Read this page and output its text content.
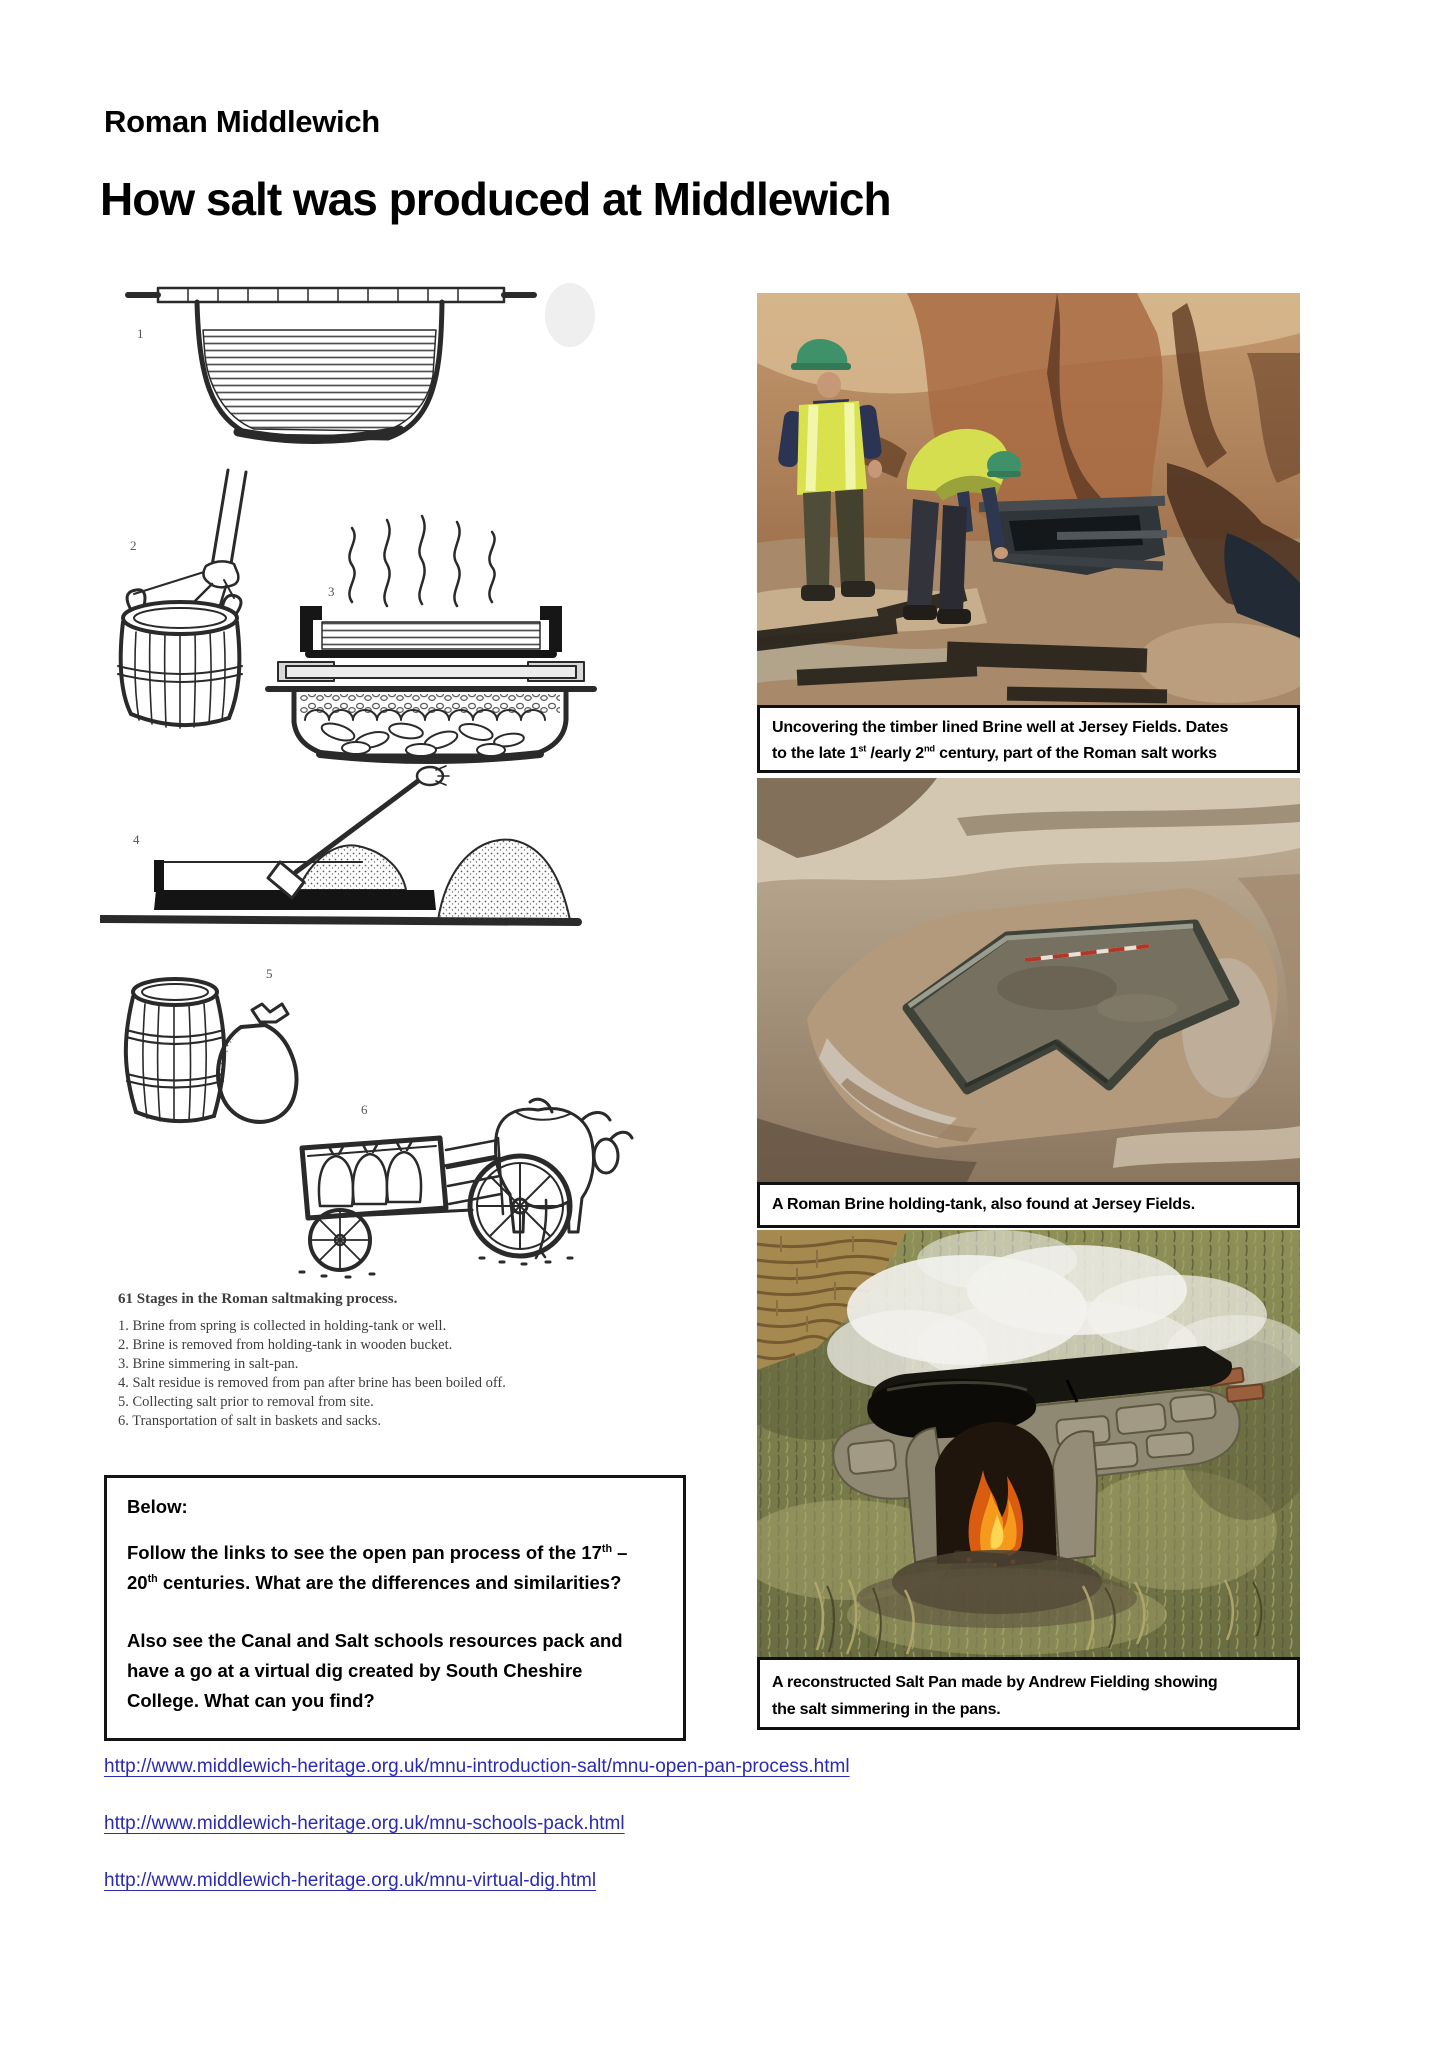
Roman Middlewich
How salt was produced at Middlewich
1
2
3
4
5
6

61 Stages in the Roman saltmaking process.

1. Brine from spring is collected in holding-tank or well.
2. Brine is removed from holding-tank in wooden bucket.
3. Brine simmering in salt-pan.
4. Salt residue is removed from pan after brine has been boiled off.
5. Collecting salt prior to removal from site.
6. Transportation of salt in baskets and sacks.

Below:

Follow the links to see the open pan process of the 17th –
20th centuries. What are the differences and similarities?

Also see the Canal and Salt schools resources pack and
have a go at a virtual dig created by South Cheshire
College. What can you find?

Uncovering the timber lined Brine well at Jersey Fields. Dates
to the late 1st /early 2nd century, part of the Roman salt works
A Roman Brine holding-tank, also found at Jersey Fields.
A reconstructed Salt Pan made by Andrew Fielding showing
the salt simmering in the pans.
http://www.middlewich-heritage.org.uk/mnu-introduction-salt/mnu-open-pan-process.html
http://www.middlewich-heritage.org.uk/mnu-schools-pack.html
http://www.middlewich-heritage.org.uk/mnu-virtual-dig.html
